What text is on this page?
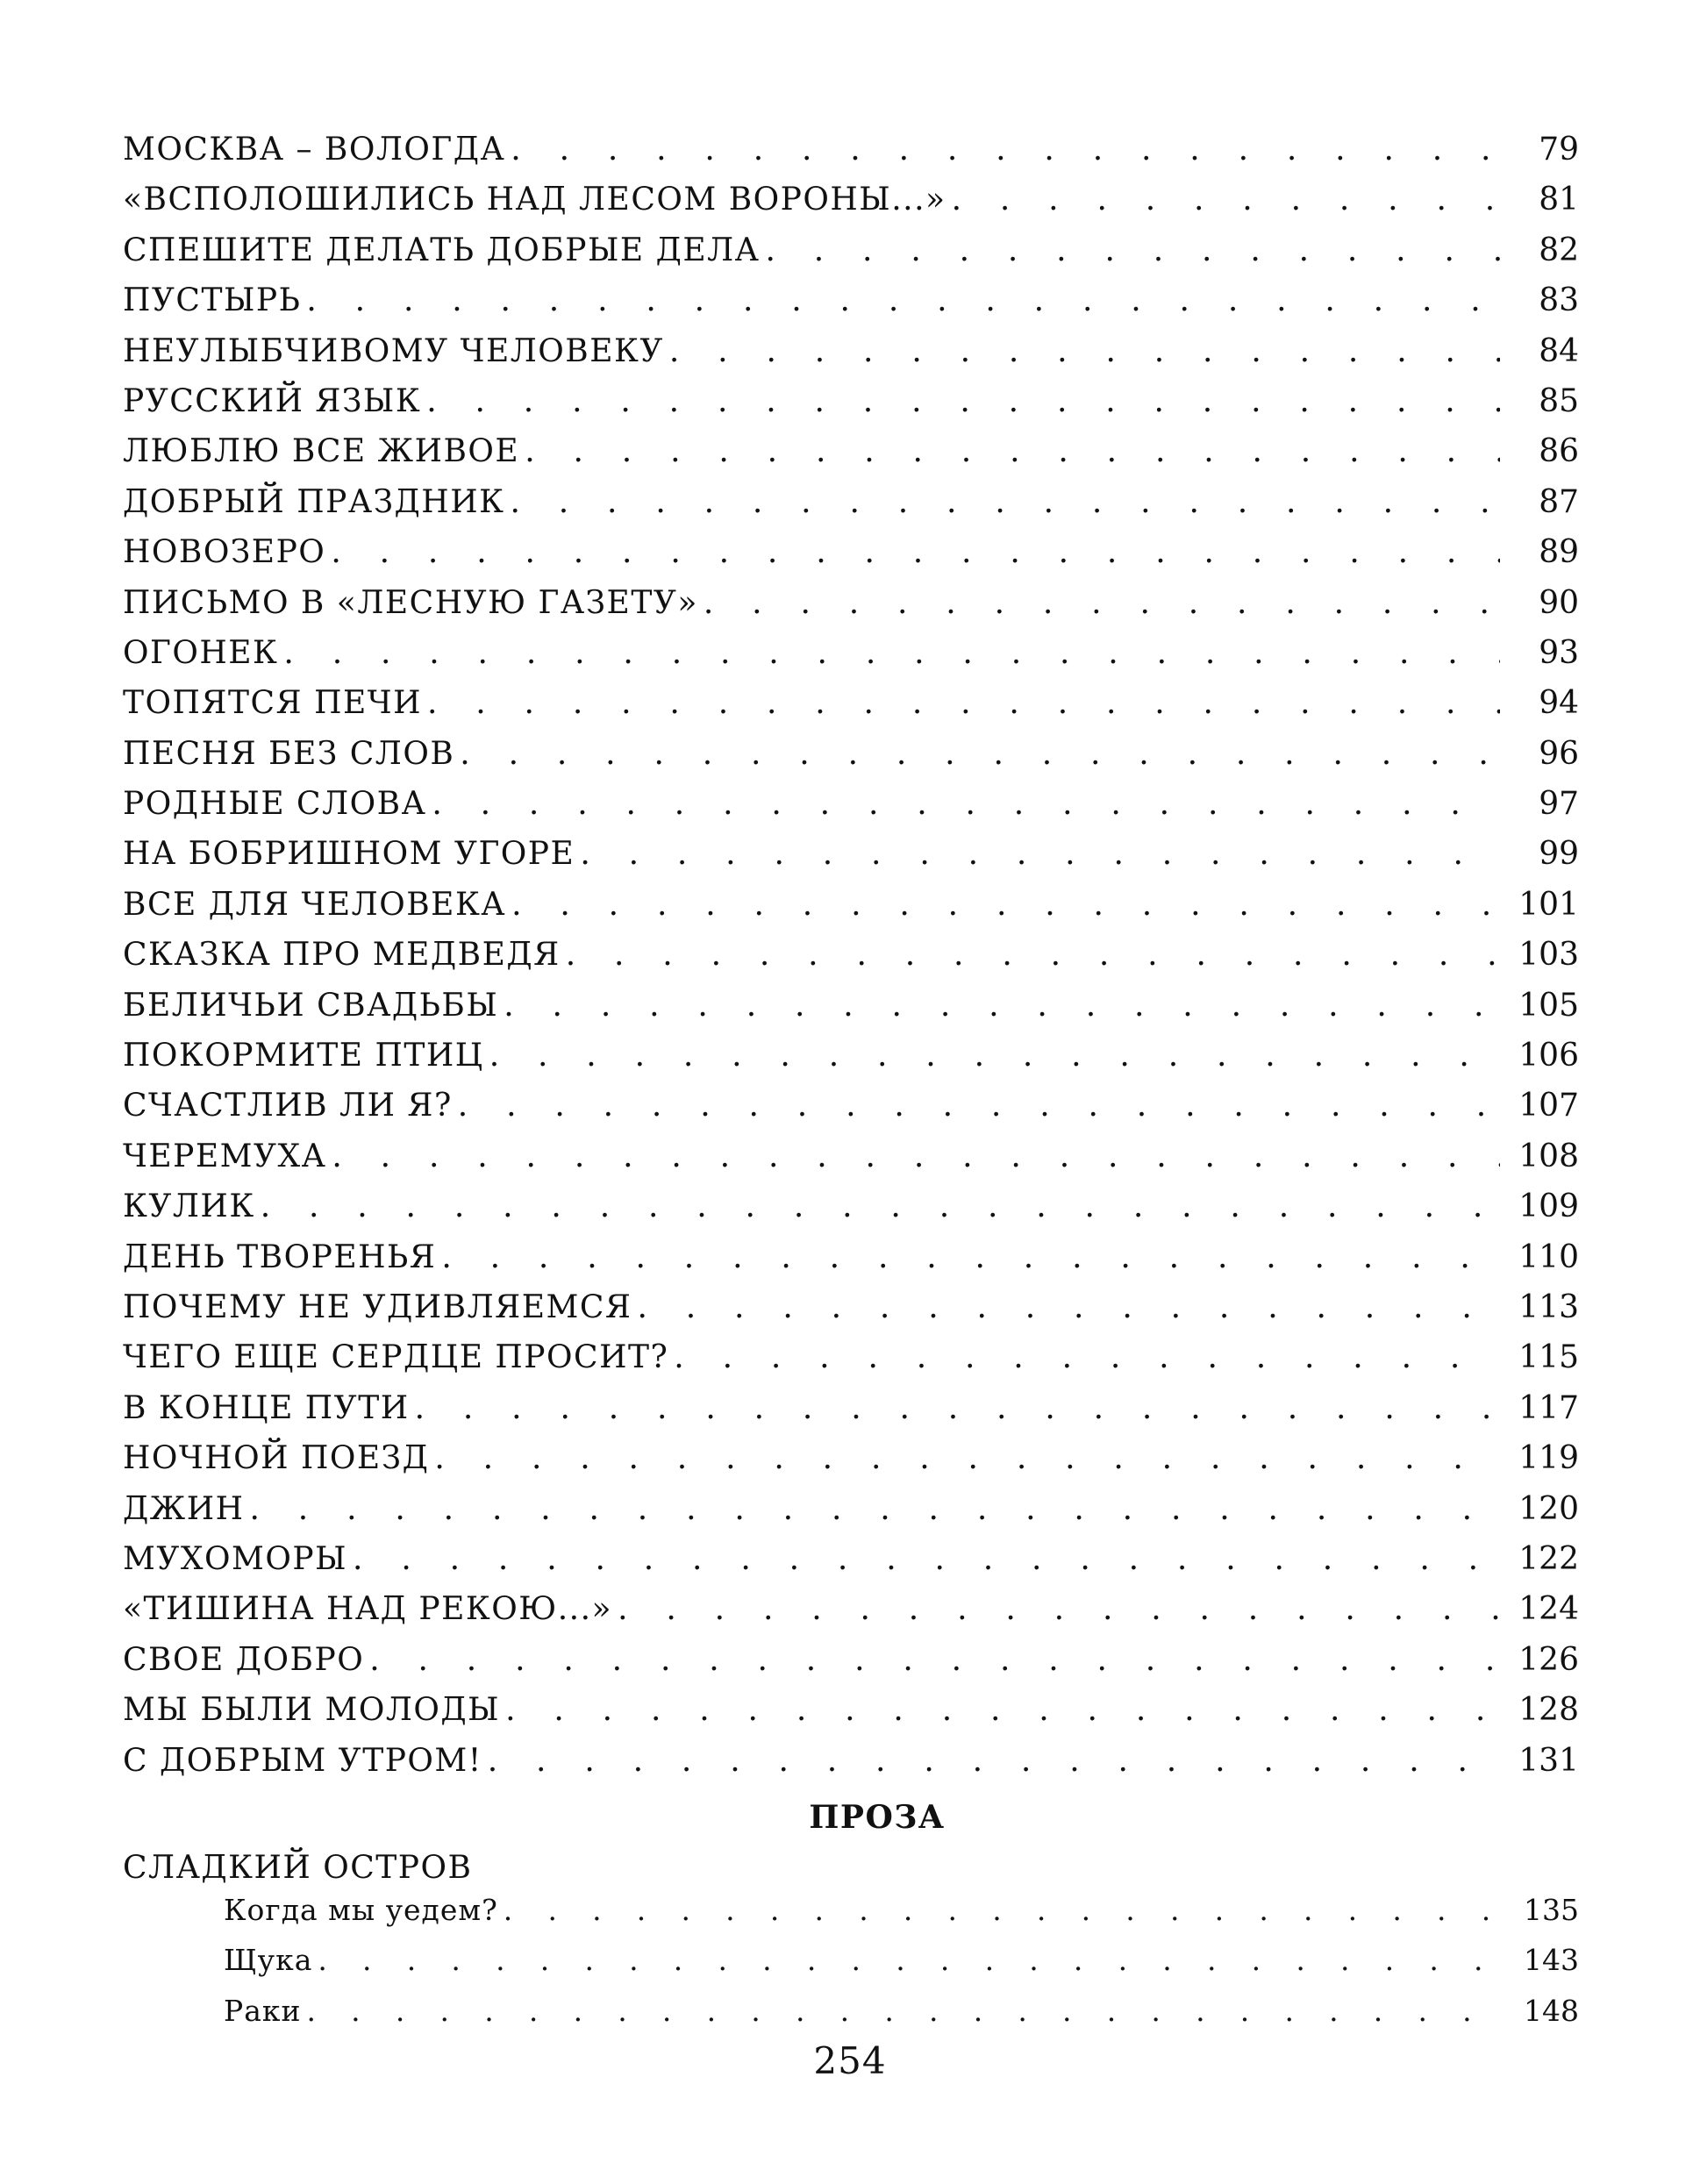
МОСКВА – ВОЛОГДА . . .	79
«ВСПОЛОШИЛИСЬ НАД ЛЕСОМ ВОРОНЫ...» . . .	81
СПЕШИТЕ ДЕЛАТЬ ДОБРЫЕ ДЕЛА . . .	82
ПУСТЫРЬ . . .	83
НЕУЛЫБЧИВОМУ ЧЕЛОВЕКУ . . .	84
РУССКИЙ ЯЗЫК . . .	85
ЛЮБЛЮ ВСЕ ЖИВОЕ . . .	86
ДОБРЫЙ ПРАЗДНИК . . .	87
НОВОЗЕРО . . .	89
ПИСЬМО В «ЛЕСНУЮ ГАЗЕТУ» . . .	90
ОГОНЕК . . .	93
ТОПЯТСЯ ПЕЧИ . . .	94
ПЕСНЯ БЕЗ СЛОВ . . .	96
РОДНЫЕ СЛОВА . . .	97
НА БОБРИШНОМ УГОРЕ . . .	99
ВСЕ ДЛЯ ЧЕЛОВЕКА . . .	101
СКАЗКА ПРО МЕДВЕДЯ . . .	103
БЕЛИЧЬИ СВАДЬБЫ . . .	105
ПОКОРМИТЕ ПТИЦ . . .	106
СЧАСТЛИВ ЛИ Я? . . .	107
ЧЕРЕМУХА . . .	108
КУЛИК . . .	109
ДЕНЬ ТВОРЕНЬЯ . . .	110
ПОЧЕМУ НЕ УДИВЛЯЕМСЯ . . .	113
ЧЕГО ЕЩЕ СЕРДЦЕ ПРОСИТ? . . .	115
В КОНЦЕ ПУТИ . . .	117
НОЧНОЙ ПОЕЗД . . .	119
ДЖИН . . .	120
МУХОМОРЫ . . .	122
«ТИШИНА НАД РЕКОЮ...» . . .	124
СВОЕ ДОБРО . . .	126
МЫ БЫЛИ МОЛОДЫ . . .	128
С ДОБРЫМ УТРОМ! . . .	131
ПРОЗА
СЛАДКИЙ ОСТРОВ
Когда мы уедем? . . .	135
Щука . . .	143
Раки . . .	148
254
